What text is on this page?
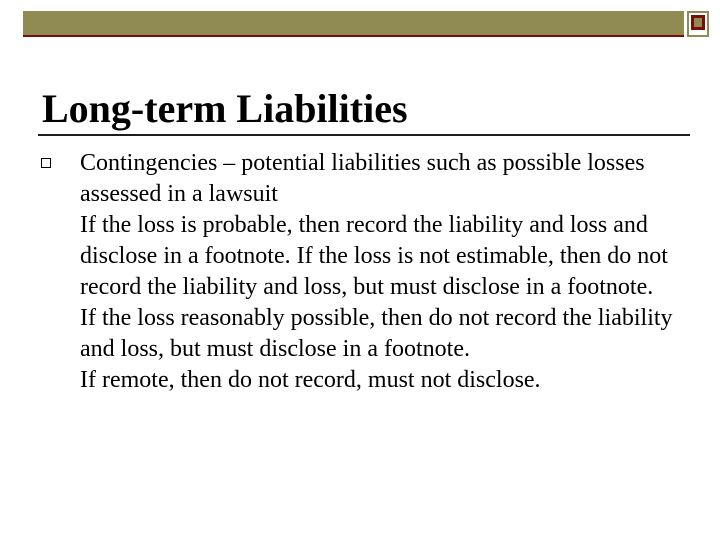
Long-term Liabilities

Contingencies – potential liabilities such as possible losses assessed in a lawsuit

If the loss is probable, then record the liability and loss and disclose in a footnote. If the loss is not estimable, then do not record the liability and loss, but must disclose in a footnote.

If the loss reasonably possible, then do not record the liability and loss, but must disclose in a footnote.

If remote, then do not record, must not disclose.
